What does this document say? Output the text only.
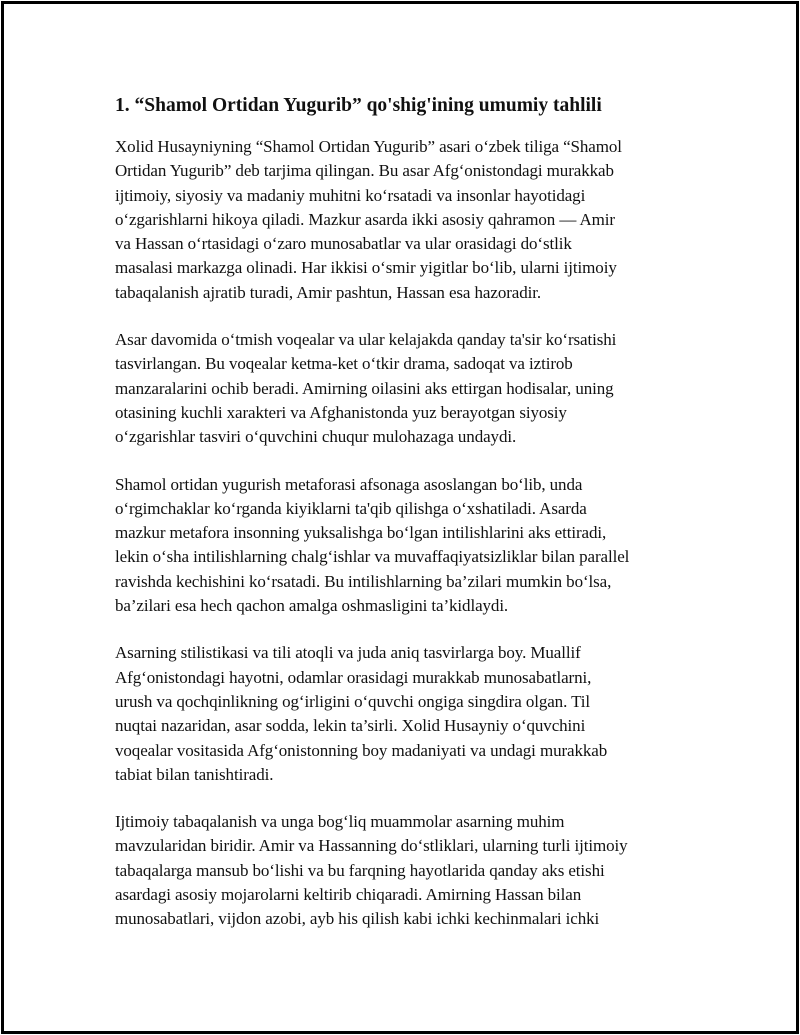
1. “Shamol Ortidan Yugurib” qo'shig'ining umumiy tahlili

Xolid Husayniyning “Shamol Ortidan Yugurib” asari o‘zbek tiliga “Shamol
Ortidan Yugurib” deb tarjima qilingan. Bu asar Afg‘onistondagi murakkab
ijtimoiy, siyosiy va madaniy muhitni ko‘rsatadi va insonlar hayotidagi
o‘zgarishlarni hikoya qiladi. Mazkur asarda ikki asosiy qahramon — Amir
va Hassan o‘rtasidagi o‘zaro munosabatlar va ular orasidagi do‘stlik
masalasi markazga olinadi. Har ikkisi o‘smir yigitlar bo‘lib, ularni ijtimoiy
tabaqalanish ajratib turadi, Amir pashtun, Hassan esa hazoradir.

Asar davomida o‘tmish voqealar va ular kelajakda qanday ta'sir ko‘rsatishi
tasvirlangan. Bu voqealar ketma-ket o‘tkir drama, sadoqat va iztirob
manzaralarini ochib beradi. Amirning oilasini aks ettirgan hodisalar, uning
otasining kuchli xarakteri va Afghanistonda yuz berayotgan siyosiy
o‘zgarishlar tasviri o‘quvchini chuqur mulohazaga undaydi.

Shamol ortidan yugurish metaforasi afsonaga asoslangan bo‘lib, unda
o‘rgimchaklar ko‘rganda kiyiklarni ta'qib qilishga o‘xshatiladi. Asarda
mazkur metafora insonning yuksalishga bo‘lgan intilishlarini aks ettiradi,
lekin o‘sha intilishlarning chalg‘ishlar va muvaffaqiyatsizliklar bilan parallel
ravishda kechishini ko‘rsatadi. Bu intilishlarning ba’zilari mumkin bo‘lsa,
ba’zilari esa hech qachon amalga oshmasligini ta’kidlaydi.

Asarning stilistikasi va tili atoqli va juda aniq tasvirlarga boy. Muallif
Afg‘onistondagi hayotni, odamlar orasidagi murakkab munosabatlarni,
urush va qochqinlikning og‘irligini o‘quvchi ongiga singdira olgan. Til
nuqtai nazaridan, asar sodda, lekin ta’sirli. Xolid Husayniy o‘quvchini
voqealar vositasida Afg‘onistonning boy madaniyati va undagi murakkab
tabiat bilan tanishtiradi.

Ijtimoiy tabaqalanish va unga bog‘liq muammolar asarning muhim
mavzularidan biridir. Amir va Hassanning do‘stliklari, ularning turli ijtimoiy
tabaqalarga mansub bo‘lishi va bu farqning hayotlarida qanday aks etishi
asardagi asosiy mojarolarni keltirib chiqaradi. Amirning Hassan bilan
munosabatlari, vijdon azobi, ayb his qilish kabi ichki kechinmalari ichki
